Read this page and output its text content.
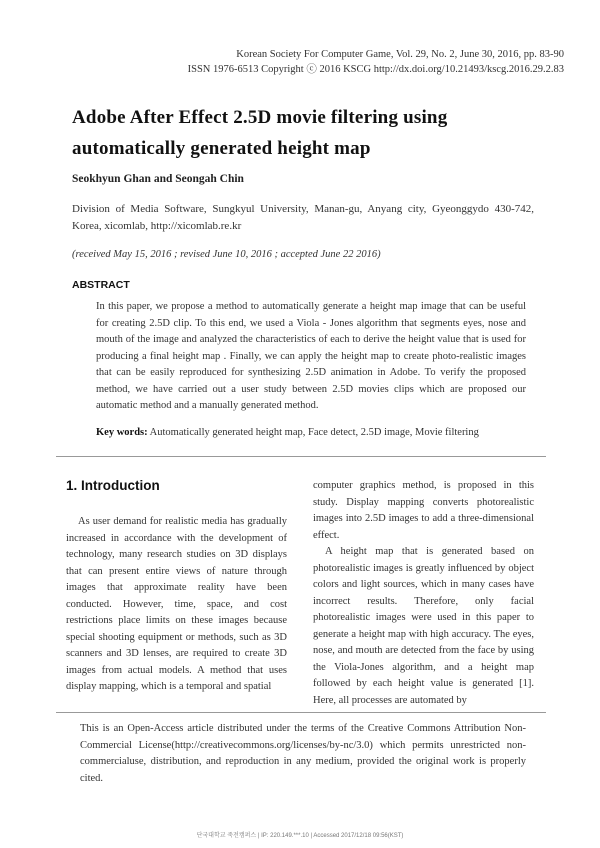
Korean Society For Computer Game, Vol. 29, No. 2, June 30, 2016, pp. 83-90
ISSN 1976-6513 Copyright ⓒ 2016 KSCG http://dx.doi.org/10.21493/kscg.2016.29.2.83
Adobe After Effect 2.5D movie filtering using automatically generated height map
Seokhyun Ghan and Seongah Chin
Division of Media Software, Sungkyul University, Manan-gu, Anyang city, Gyeonggydo 430-742, Korea, xicomlab, http://xicomlab.re.kr
(received May 15, 2016 ; revised June 10, 2016 ; accepted June 22 2016)
ABSTRACT
In this paper, we propose a method to automatically generate a height map image that can be useful for creating 2.5D clip. To this end, we used a Viola - Jones algorithm that segments eyes, nose and mouth of the image and analyzed the characteristics of each to derive the height value that is used for producing a final height map . Finally, we can apply the height map to create photo-realistic images that can be easily reproduced for synthesizing 2.5D animation in Adobe. To verify the proposed method, we have carried out a user study between 2.5D movies clips which are proposed our automatic method and a manually generated method.
Key words: Automatically generated height map, Face detect, 2.5D image, Movie filtering
1. Introduction

As user demand for realistic media has gradually increased in accordance with the development of technology, many research studies on 3D displays that can present entire views of nature through images that approximate reality have been conducted. However, time, space, and cost restrictions place limits on these images because special shooting equipment or methods, such as 3D scanners and 3D lenses, are required to create 3D images from actual models. A method that uses display mapping, which is a temporal and spatial

computer graphics method, is proposed in this study. Display mapping converts photorealistic images into 2.5D images to add a three-dimensional effect.

A height map that is generated based on photorealistic images is greatly influenced by object colors and light sources, which in many cases have incorrect results. Therefore, only facial photorealistic images were used in this paper to generate a height map with high accuracy. The eyes, nose, and mouth are detected from the face by using the Viola-Jones algorithm, and a height map followed by each height value is generated [1]. Here, all processes are automated by

This is an Open-Access article distributed under the terms of the Creative Commons Attribution Non-Commercial License(http://creativecommons.org/licenses/by-nc/3.0) which permits unrestricted non-commercialuse, distribution, and reproduction in any medium, provided the original work is properly cited.
단국대학교 죽전캠퍼스 | IP: 220.149.***.10 | Accessed 2017/12/18 09:56(KST)
